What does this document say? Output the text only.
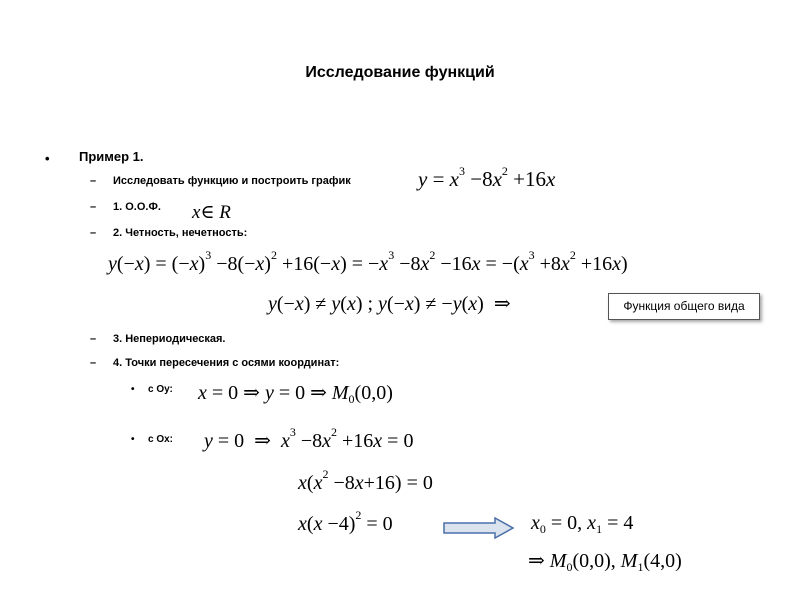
Исследование функций
• Пример 1.
– Исследовать функцию и построить график	$y = x^3 -8x^2 +16x$
– 1. О.О.Ф. x∈ R
– 2. Четность, нечетность:
$y(-x) = (-x)^3 -8(-x)^2 +16(-x) = -x^3 -8x^2 -16x = -(x^3 +8x^2 +16x)$
y(−x) ≠ y(x) ; y(−x) ≠ −y(x)  ⇒	Функция общего вида
– 3. Непериодическая.
– 4. Точки пересечения с осями координат:
• с Оу: x = 0 ⇒ y = 0 ⇒ $M_0(0,0)$
• с Ох: y = 0  ⇒  $x^3 -8x^2 +16x = 0$
$x(x^2 -8x+16) = 0$
$x(x -4)^2 = 0$	$x_0 = 0$, $x_1 = 4$
⇒ $M_0(0,0)$, $M_1(4,0)$
